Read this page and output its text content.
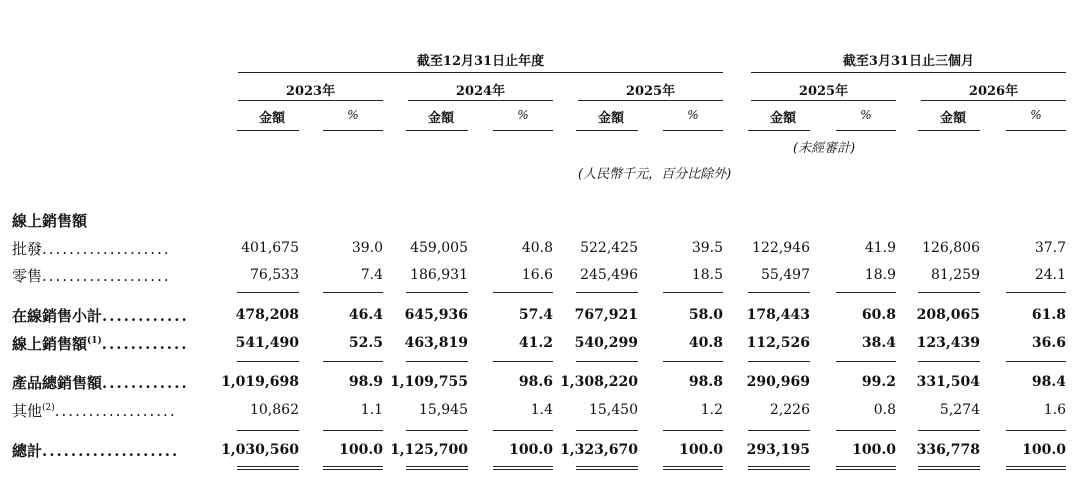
截至12月31日止年度	截至3月31日止三個月
2023年
金額	%
2024年
金額	%
2025年
金額	%
2025年
金額	%
2026年
金額	%
(未經審計)
(人民幣千元，百分比除外)
線上銷售額
批發...................	401,675	39.0	459,005	40.8	522,425	39.5	122,946	41.9	126,806	37.7
零售...................	76,533	7.4	186,931	16.6	245,496	18.5	55,497	18.9	81,259	24.1
在線銷售小計............	478,208	46.4	645,936	57.4	767,921	58.0	178,443	60.8	208,065	61.8
線上銷售額$^{(1)}$............	541,490	52.5	463,819	41.2	540,299	40.8	112,526	38.4	123,439	36.6
產品總銷售額............	1,019,698	98.9 1,109,755	98.6 1,308,220	98.8	290,969	99.2	331,504	98.4
其他$^{(2)}$..................	10,862	1.1	15,945	1.4	15,450	1.2	2,226	0.8	5,274	1.6
總計...................	1,030,560	100.0 1,125,700	100.0 1,323,670	100.0	293,195	100.0	336,778	100.0
